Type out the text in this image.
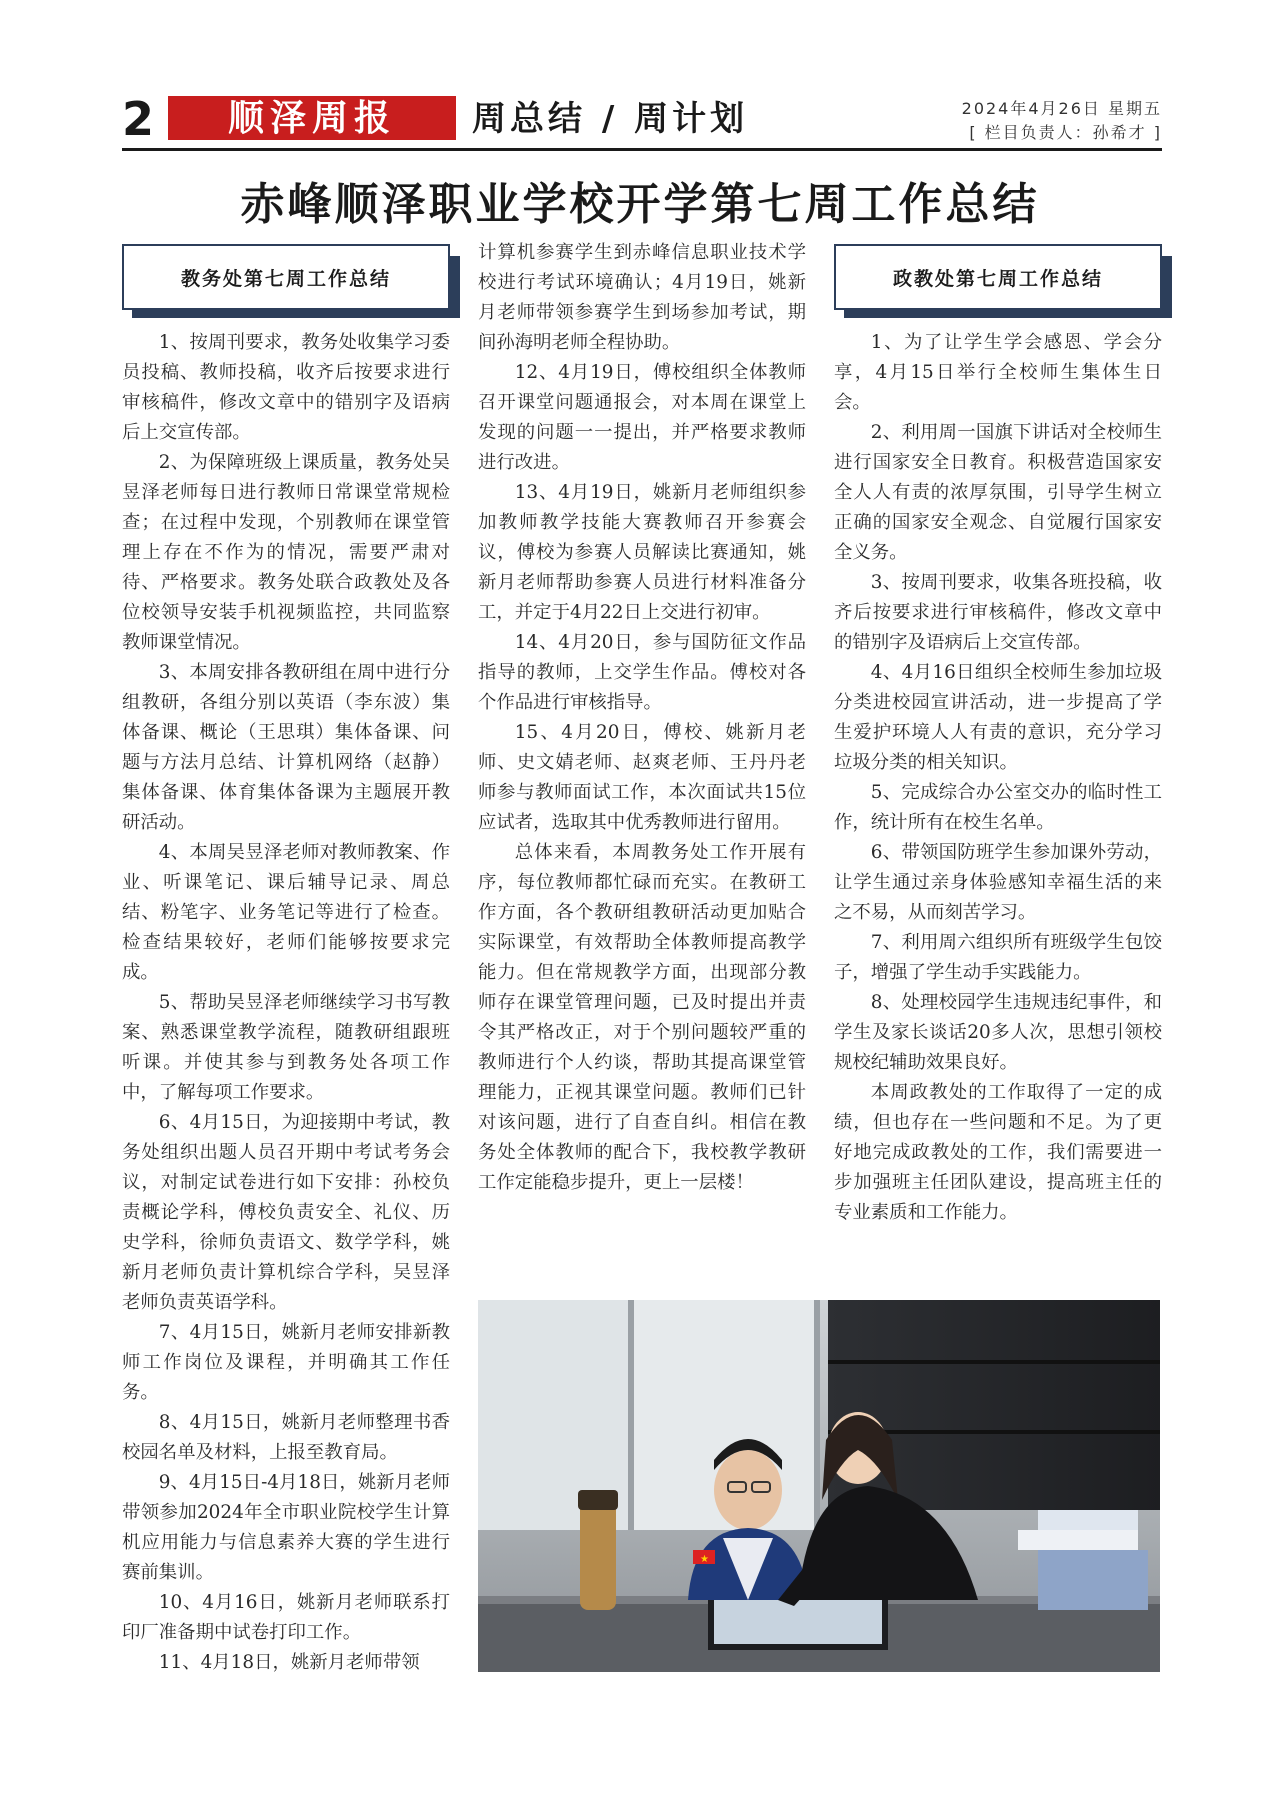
2	顺泽周报	周总结 / 周计划	2024年4月26日 星期五
[ 栏目负责人：孙希才 ]
赤峰顺泽职业学校开学第七周工作总结
教务处第七周工作总结

1、按周刊要求，教务处收集学习委员投稿、教师投稿，收齐后按要求进行审核稿件，修改文章中的错别字及语病后上交宣传部。

2、为保障班级上课质量，教务处吴昱泽老师每日进行教师日常课堂常规检查；在过程中发现，个别教师在课堂管理上存在不作为的情况，需要严肃对待、严格要求。教务处联合政教处及各位校领导安装手机视频监控，共同监察教师课堂情况。

3、本周安排各教研组在周中进行分组教研，各组分别以英语（李东波）集体备课、概论（王思琪）集体备课、问题与方法月总结、计算机网络（赵静）集体备课、体育集体备课为主题展开教研活动。

4、本周吴昱泽老师对教师教案、作业、听课笔记、课后辅导记录、周总结、粉笔字、业务笔记等进行了检查。检查结果较好，老师们能够按要求完成。

5、帮助吴昱泽老师继续学习书写教案、熟悉课堂教学流程，随教研组跟班听课。并使其参与到教务处各项工作中，了解每项工作要求。

6、4月15日，为迎接期中考试，教务处组织出题人员召开期中考试考务会议，对制定试卷进行如下安排：孙校负责概论学科，傅校负责安全、礼仪、历史学科，徐师负责语文、数学学科，姚新月老师负责计算机综合学科，吴昱泽老师负责英语学科。

7、4月15日，姚新月老师安排新教师工作岗位及课程，并明确其工作任务。

8、4月15日，姚新月老师整理书香校园名单及材料，上报至教育局。

9、4月15日-4月18日，姚新月老师带领参加2024年全市职业院校学生计算机应用能力与信息素养大赛的学生进行赛前集训。

10、4月16日，姚新月老师联系打印厂准备期中试卷打印工作。

11、4月18日，姚新月老师带领

计算机参赛学生到赤峰信息职业技术学校进行考试环境确认；4月19日，姚新月老师带领参赛学生到场参加考试，期间孙海明老师全程协助。

12、4月19日，傅校组织全体教师召开课堂问题通报会，对本周在课堂上发现的问题一一提出，并严格要求教师进行改进。

13、4月19日，姚新月老师组织参加教师教学技能大赛教师召开参赛会议，傅校为参赛人员解读比赛通知，姚新月老师帮助参赛人员进行材料准备分工，并定于4月22日上交进行初审。

14、4月20日，参与国防征文作品指导的教师，上交学生作品。傅校对各个作品进行审核指导。

15、4月20日，傅校、姚新月老师、史文婧老师、赵爽老师、王丹丹老师参与教师面试工作，本次面试共15位应试者，选取其中优秀教师进行留用。

总体来看，本周教务处工作开展有序，每位教师都忙碌而充实。在教研工作方面，各个教研组教研活动更加贴合实际课堂，有效帮助全体教师提高教学能力。但在常规教学方面，出现部分教师存在课堂管理问题，已及时提出并责令其严格改正，对于个别问题较严重的教师进行个人约谈，帮助其提高课堂管理能力，正视其课堂问题。教师们已针对该问题，进行了自查自纠。相信在教务处全体教师的配合下，我校教学教研工作定能稳步提升，更上一层楼！

政教处第七周工作总结

1、为了让学生学会感恩、学会分享，4月15日举行全校师生集体生日会。

2、利用周一国旗下讲话对全校师生进行国家安全日教育。积极营造国家安全人人有责的浓厚氛围，引导学生树立正确的国家安全观念、自觉履行国家安全义务。

3、按周刊要求，收集各班投稿，收齐后按要求进行审核稿件，修改文章中的错别字及语病后上交宣传部。

4、4月16日组织全校师生参加垃圾分类进校园宣讲活动，进一步提高了学生爱护环境人人有责的意识，充分学习垃圾分类的相关知识。

5、完成综合办公室交办的临时性工作，统计所有在校生名单。

6、带领国防班学生参加课外劳动，让学生通过亲身体验感知幸福生活的来之不易，从而刻苦学习。

7、利用周六组织所有班级学生包饺子，增强了学生动手实践能力。

8、处理校园学生违规违纪事件，和学生及家长谈话20多人次，思想引领校规校纪辅助效果良好。

本周政教处的工作取得了一定的成绩，但也存在一些问题和不足。为了更好地完成政教处的工作，我们需要进一步加强班主任团队建设，提高班主任的专业素质和工作能力。

★
